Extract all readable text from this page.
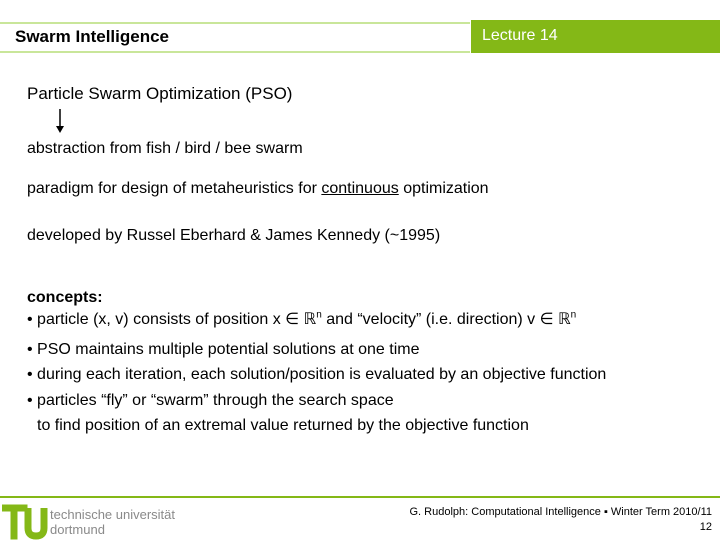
Swarm Intelligence	Lecture 14
Particle Swarm Optimization (PSO)
abstraction from fish / bird / bee swarm
paradigm for design of metaheuristics for continuous optimization
developed by Russel Eberhard & James Kennedy (~1995)
concepts:
• particle (x, v) consists of position x ∈ ℝ$^n$ and “velocity” (i.e. direction) v ∈ ℝ$^n$
• PSO maintains multiple potential solutions at one time
• during each iteration, each solution/position is evaluated by an objective function
• particles “fly” or “swarm” through the search space
to find position of an extremal value returned by the objective function
technische universität
dortmund
G. Rudolph: Computational Intelligence ▪ Winter Term 2010/11
12
